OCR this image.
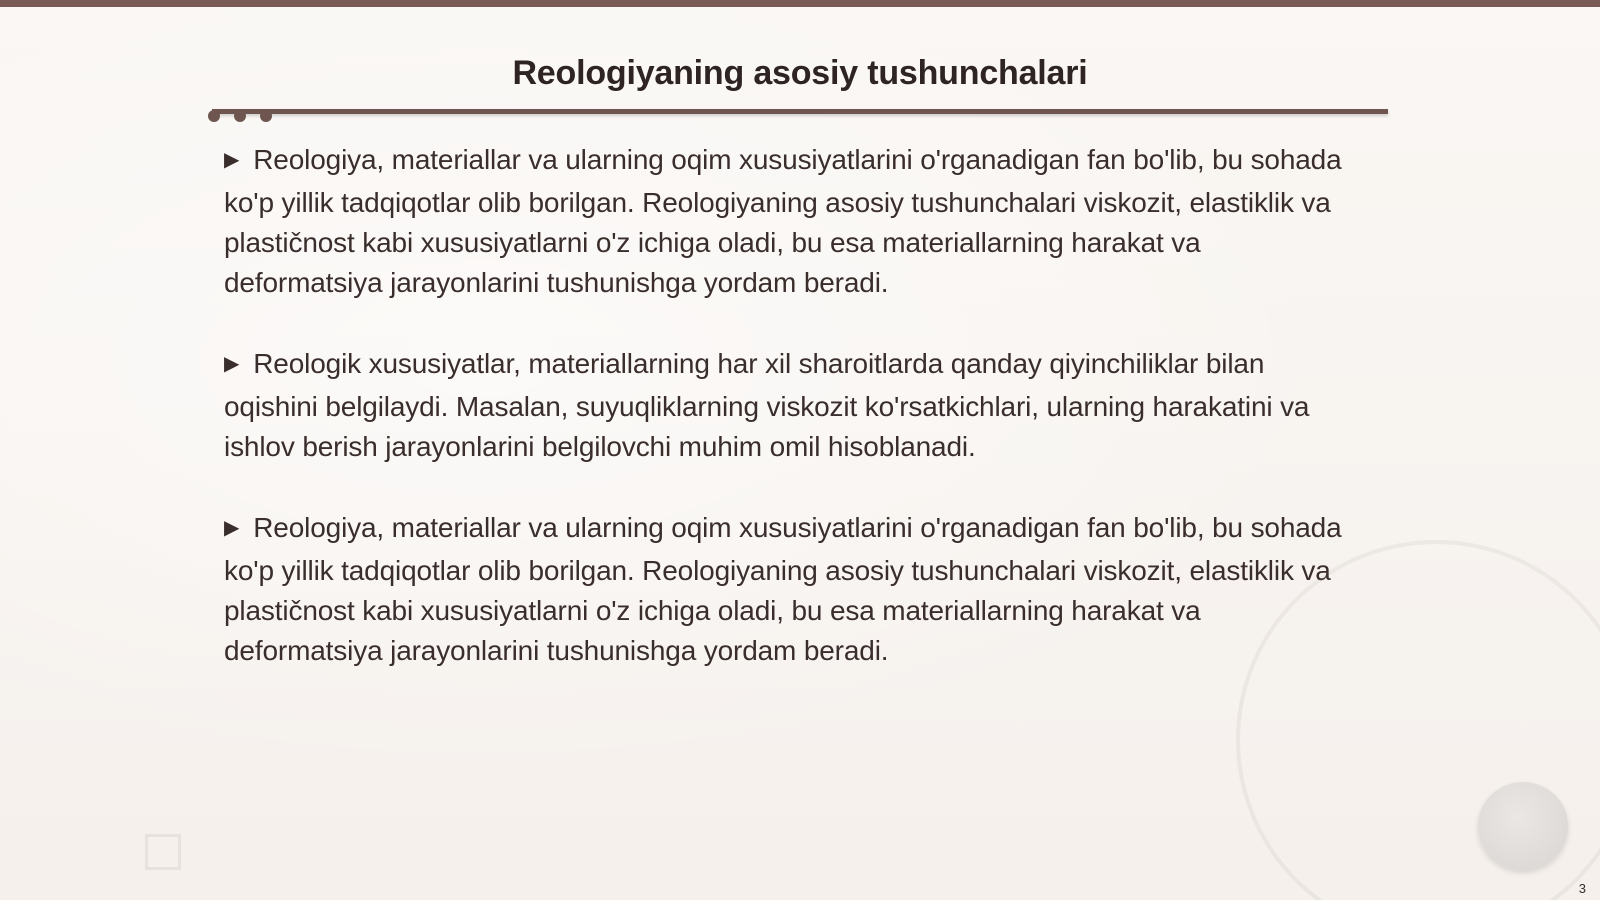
Reologiyaning asosiy tushunchalari

▶ Reologiya, materiallar va ularning oqim xususiyatlarini o'rganadigan fan bo'lib, bu sohada ko'p yillik tadqiqotlar olib borilgan. Reologiyaning asosiy tushunchalari viskozit, elastiklik va plastičnost kabi xususiyatlarni o'z ichiga oladi, bu esa materiallarning harakat va deformatsiya jarayonlarini tushunishga yordam beradi.

▶ Reologik xususiyatlar, materiallarning har xil sharoitlarda qanday qiyinchiliklar bilan oqishini belgilaydi. Masalan, suyuqliklarning viskozit ko'rsatkichlari, ularning harakatini va ishlov berish jarayonlarini belgilovchi muhim omil hisoblanadi.

▶ Reologiya, materiallar va ularning oqim xususiyatlarini o'rganadigan fan bo'lib, bu sohada ko'p yillik tadqiqotlar olib borilgan. Reologiyaning asosiy tushunchalari viskozit, elastiklik va plastičnost kabi xususiyatlarni o'z ichiga oladi, bu esa materiallarning harakat va deformatsiya jarayonlarini tushunishga yordam beradi.

3
